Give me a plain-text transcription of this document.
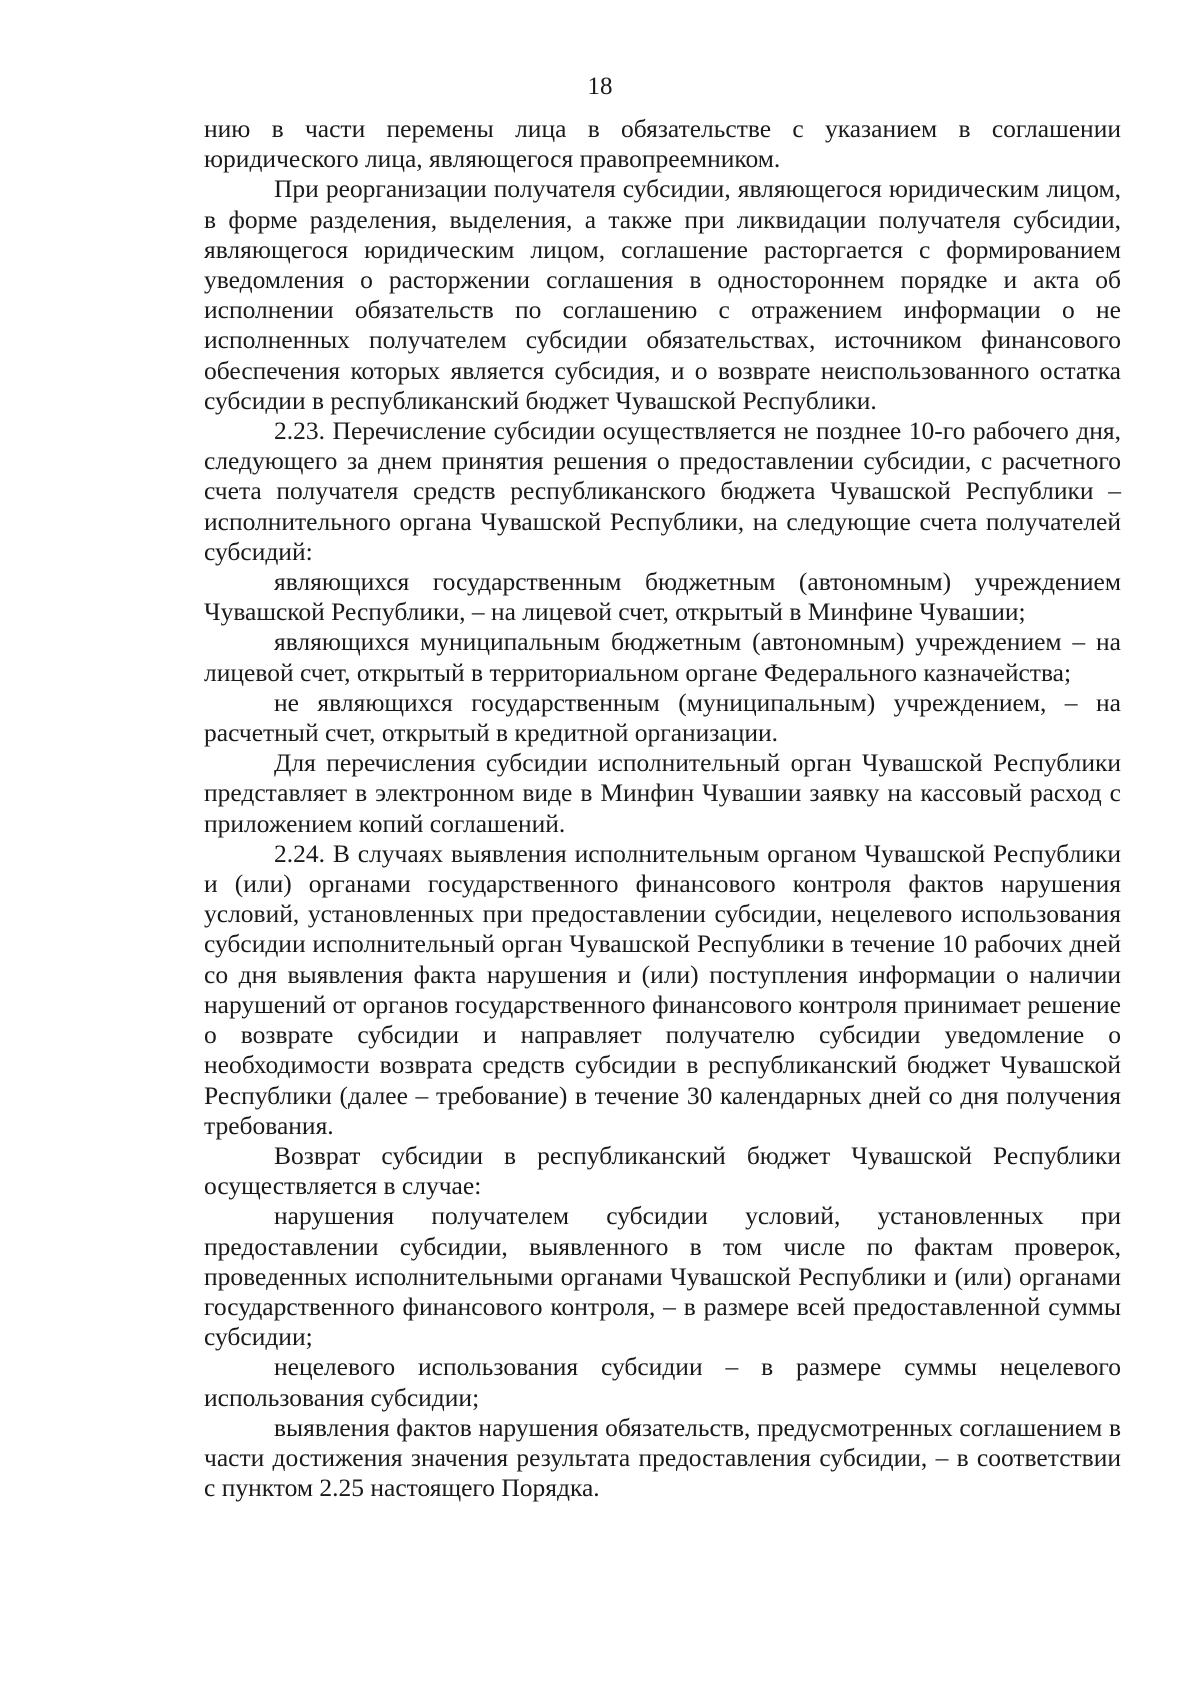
18

нию в части перемены лица в обязательстве с указанием в соглашении юридического лица, являющегося правопреемником.

При реорганизации получателя субсидии, являющегося юридическим лицом, в форме разделения, выделения, а также при ликвидации получателя субсидии, являющегося юридическим лицом, соглашение расторгается с формированием уведомления о расторжении соглашения в одностороннем порядке и акта об исполнении обязательств по соглашению с отражением информации о не исполненных получателем субсидии обязательствах, источником финансового обеспечения которых является субсидия, и о возврате неиспользованного остатка субсидии в республиканский бюджет Чувашской Республики.

2.23. Перечисление субсидии осуществляется не позднее 10-го рабочего дня, следующего за днем принятия решения о предоставлении субсидии, с расчетного счета получателя средств республиканского бюджета Чувашской Республики – исполнительного органа Чувашской Республики, на следующие счета получателей субсидий:

являющихся государственным бюджетным (автономным) учреждением Чувашской Республики, – на лицевой счет, открытый в Минфине Чувашии;

являющихся муниципальным бюджетным (автономным) учреждением – на лицевой счет, открытый в территориальном органе Федерального казначейства;

не являющихся государственным (муниципальным) учреждением, – на расчетный счет, открытый в кредитной организации.

Для перечисления субсидии исполнительный орган Чувашской Республики представляет в электронном виде в Минфин Чувашии заявку на кассовый расход с приложением копий соглашений.

2.24. В случаях выявления исполнительным органом Чувашской Республики и (или) органами государственного финансового контроля фактов нарушения условий, установленных при предоставлении субсидии, нецелевого использования субсидии исполнительный орган Чувашской Республики в течение 10 рабочих дней со дня выявления факта нарушения и (или) поступления информации о наличии нарушений от органов государственного финансового контроля принимает решение о возврате субсидии и направляет получателю субсидии уведомление о необходимости возврата средств субсидии в республиканский бюджет Чувашской Республики (далее – требование) в течение 30 календарных дней со дня получения требования.

Возврат субсидии в республиканский бюджет Чувашской Республики осуществляется в случае:

нарушения получателем субсидии условий, установленных при предоставлении субсидии, выявленного в том числе по фактам проверок, проведенных исполнительными органами Чувашской Республики и (или) органами государственного финансового контроля, – в размере всей предоставленной суммы субсидии;

нецелевого использования субсидии – в размере суммы нецелевого использования субсидии;

выявления фактов нарушения обязательств, предусмотренных соглашением в части достижения значения результата предоставления субсидии, – в соответствии с пунктом 2.25 настоящего Порядка.
